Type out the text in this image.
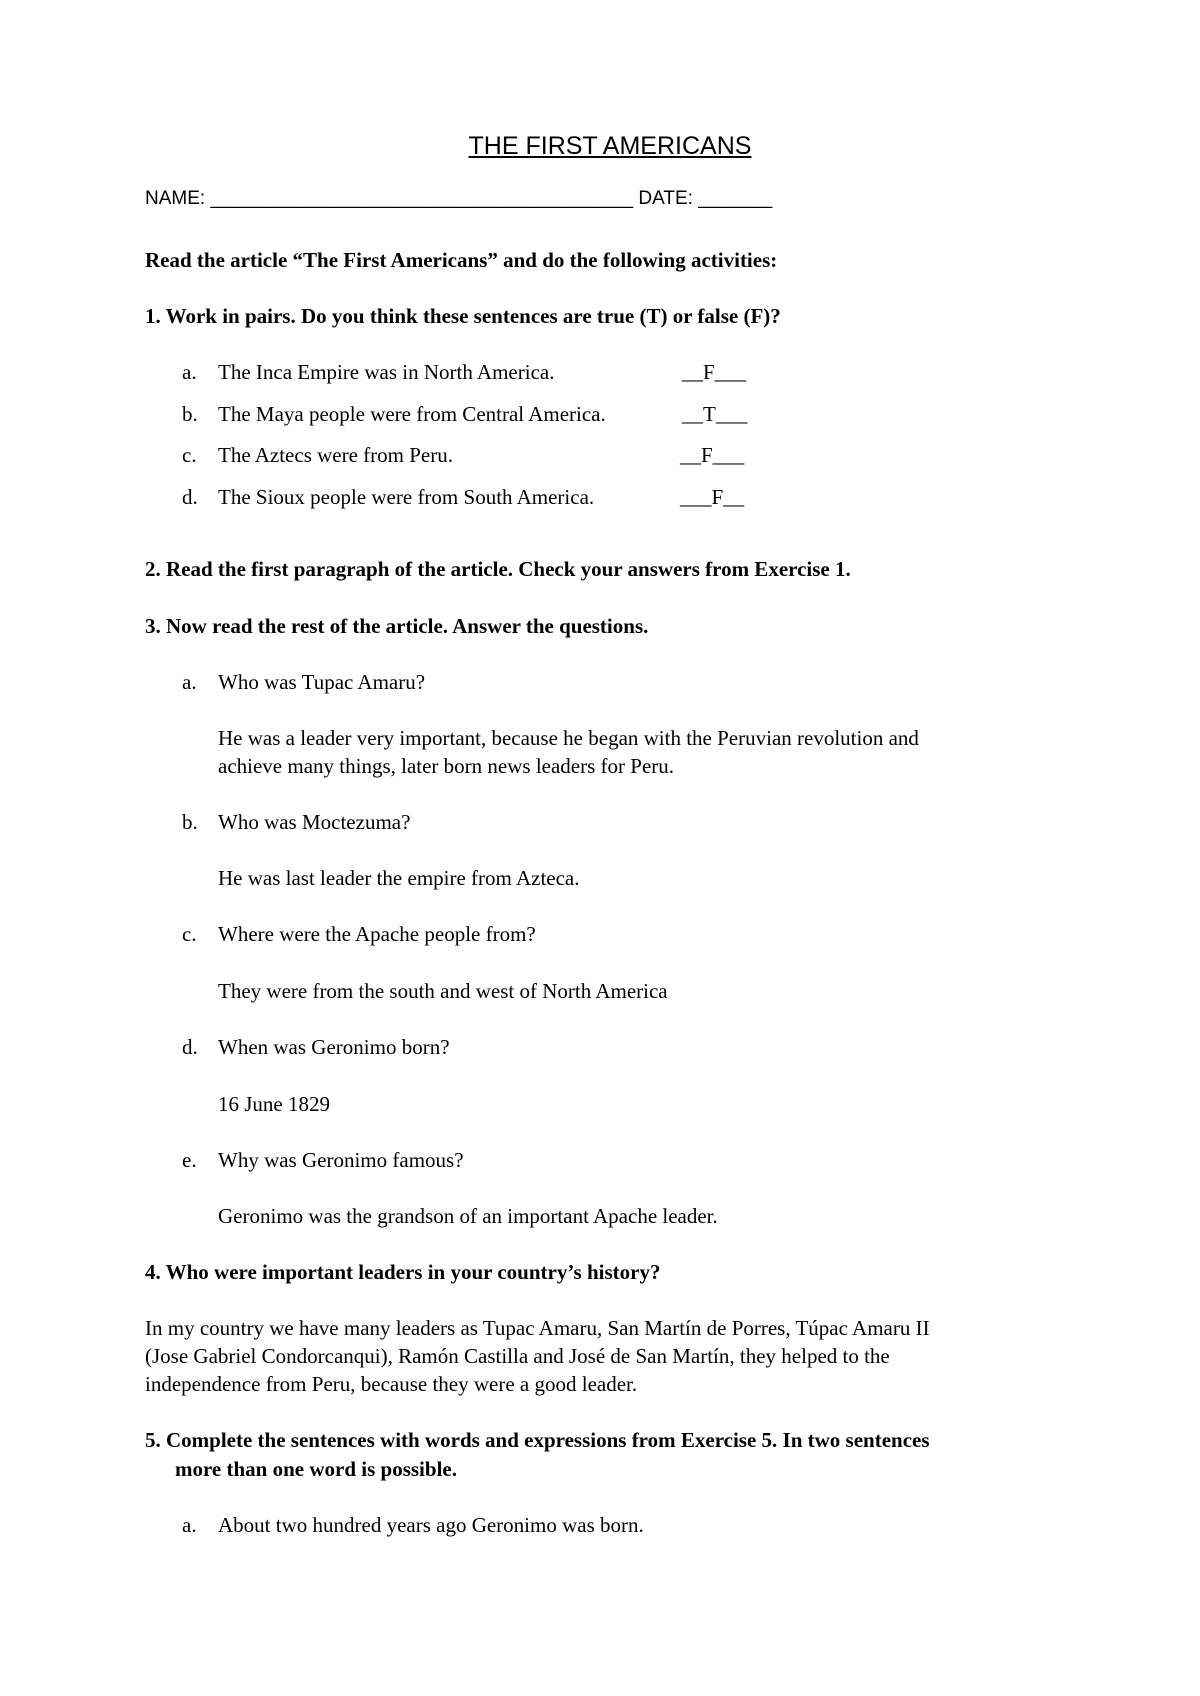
THE FIRST AMERICANS
NAME: ________________________________________ DATE: _______
Read the article “The First Americans” and do the following activities:
1. Work in pairs. Do you think these sentences are true (T) or false (F)?
a. The Inca Empire was in North America.	__F___
b. The Maya people were from Central America.	__T___
c. The Aztecs were from Peru.	__F___
d. The Sioux people were from South America.	___F__
2. Read the first paragraph of the article. Check your answers from Exercise 1.
3. Now read the rest of the article. Answer the questions.
a. Who was Tupac Amaru?
He was a leader very important, because he began with the Peruvian revolution and
achieve many things, later born news leaders for Peru.
b. Who was Moctezuma?
He was last leader the empire from Azteca.
c. Where were the Apache people from?
They were from the south and west of North America
d. When was Geronimo born?
16 June 1829
e. Why was Geronimo famous?
Geronimo was the grandson of an important Apache leader.
4. Who were important leaders in your country’s history?
In my country we have many leaders as Tupac Amaru, San Martín de Porres, Túpac Amaru II
(Jose Gabriel Condorcanqui), Ramón Castilla and José de San Martín, they helped to the
independence from Peru, because they were a good leader.
5. Complete the sentences with words and expressions from Exercise 5. In two sentences
more than one word is possible.
a. About two hundred years ago Geronimo was born.
